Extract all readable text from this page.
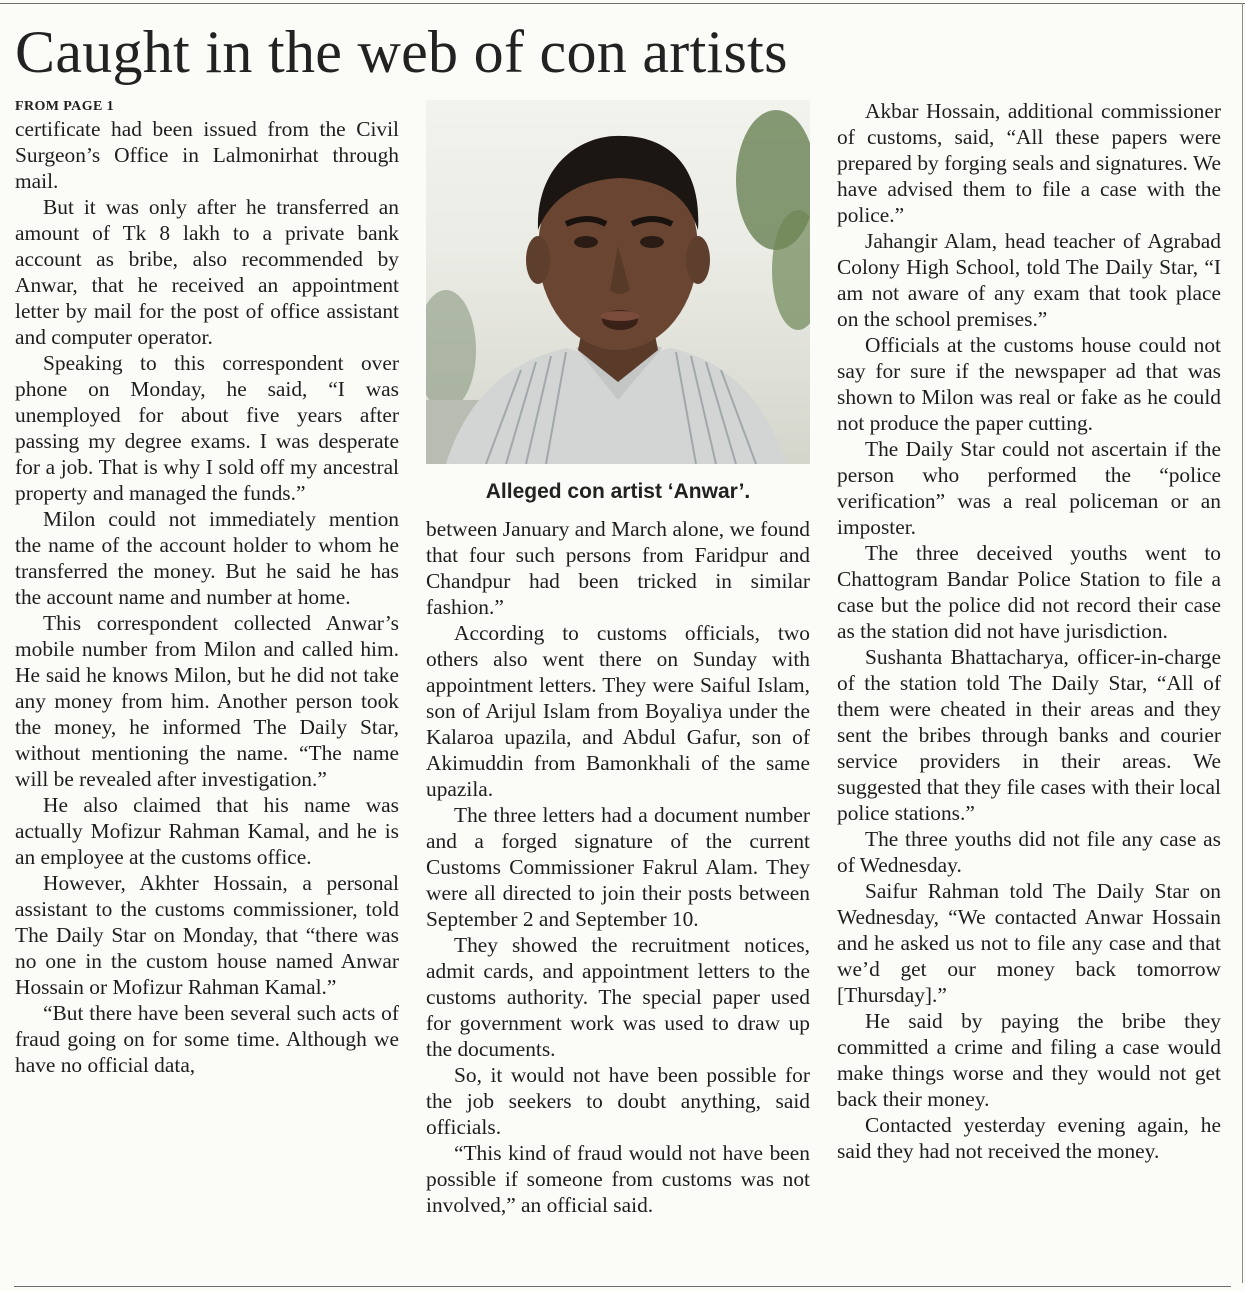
Caught in the web of con artists
FROM PAGE 1

certificate had been issued from the Civil Surgeon’s Office in Lalmonirhat through mail.

But it was only after he transferred an amount of Tk 8 lakh to a private bank account as bribe, also recommended by Anwar, that he received an appointment letter by mail for the post of office assistant and computer operator.

Speaking to this correspondent over phone on Monday, he said, “I was unemployed for about five years after passing my degree exams. I was desperate for a job. That is why I sold off my ancestral property and managed the funds.”

Milon could not immediately mention the name of the account holder to whom he transferred the money. But he said he has the account name and number at home.

This correspondent collected Anwar’s mobile number from Milon and called him. He said he knows Milon, but he did not take any money from him. Another person took the money, he informed The Daily Star, without mentioning the name. “The name will be revealed after investigation.”

He also claimed that his name was actually Mofizur Rahman Kamal, and he is an employee at the customs office.

However, Akhter Hossain, a personal assistant to the customs commissioner, told The Daily Star on Monday, that “there was no one in the custom house named Anwar Hossain or Mofizur Rahman Kamal.”

“But there have been several such acts of fraud going on for some time. Although we have no official data,

Alleged con artist ‘Anwar’.

between January and March alone, we found that four such persons from Faridpur and Chandpur had been tricked in similar fashion.”

According to customs officials, two others also went there on Sunday with appointment letters. They were Saiful Islam, son of Arijul Islam from Boyaliya under the Kalaroa upazila, and Abdul Gafur, son of Akimuddin from Bamonkhali of the same upazila.

The three letters had a document number and a forged signature of the current Customs Commissioner Fakrul Alam. They were all directed to join their posts between September 2 and September 10.

They showed the recruitment notices, admit cards, and appointment letters to the customs authority. The special paper used for government work was used to draw up the documents.

So, it would not have been possible for the job seekers to doubt anything, said officials.

“This kind of fraud would not have been possible if someone from customs was not involved,” an official said.

Akbar Hossain, additional commissioner of customs, said, “All these papers were prepared by forging seals and signatures. We have advised them to file a case with the police.”

Jahangir Alam, head teacher of Agrabad Colony High School, told The Daily Star, “I am not aware of any exam that took place on the school premises.”

Officials at the customs house could not say for sure if the newspaper ad that was shown to Milon was real or fake as he could not produce the paper cutting.

The Daily Star could not ascertain if the person who performed the “police verification” was a real policeman or an imposter.

The three deceived youths went to Chattogram Bandar Police Station to file a case but the police did not record their case as the station did not have jurisdiction.

Sushanta Bhattacharya, officer-in-charge of the station told The Daily Star, “All of them were cheated in their areas and they sent the bribes through banks and courier service providers in their areas. We suggested that they file cases with their local police stations.”

The three youths did not file any case as of Wednesday.

Saifur Rahman told The Daily Star on Wednesday, “We contacted Anwar Hossain and he asked us not to file any case and that we’d get our money back tomorrow [Thursday].”

He said by paying the bribe they committed a crime and filing a case would make things worse and they would not get back their money.

Contacted yesterday evening again, he said they had not received the money.
